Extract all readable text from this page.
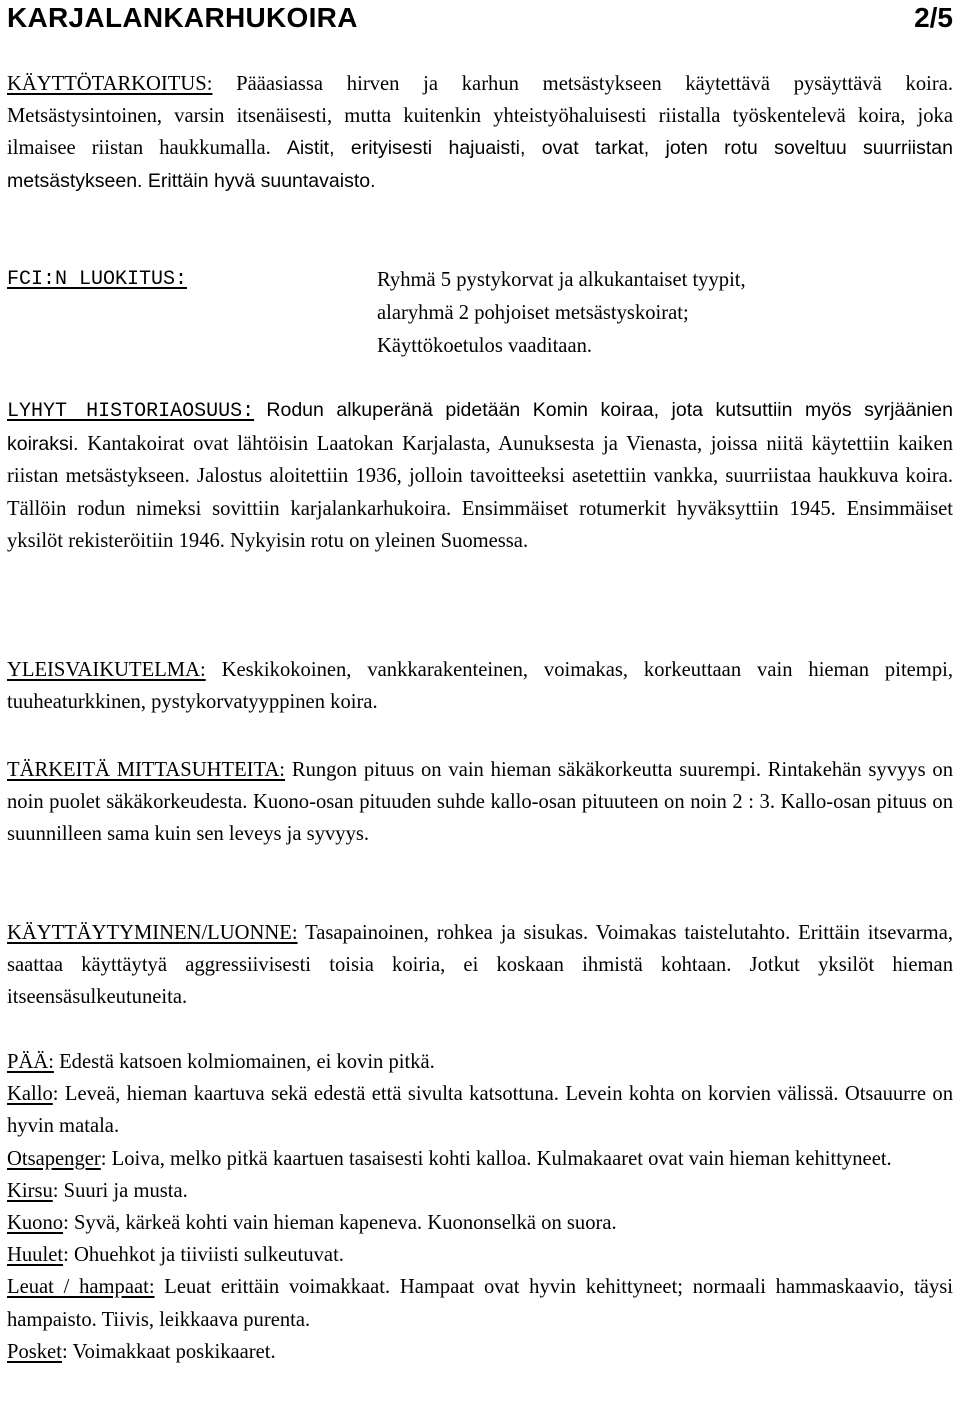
KARJALANKARHUKOIRA	2/5
KÄYTTÖTARKOITUS: Pääasiassa hirven ja karhun metsästykseen käytettävä pysäyttävä koira. Metsästysintoinen, varsin itsenäisesti, mutta kuitenkin yhteistyöhaluisesti riistalla työskentelevä koira, joka ilmaisee riistan haukkumalla. Aistit, erityisesti hajuaisti, ovat tarkat, joten rotu soveltuu suurriistan metsästykseen. Erittäin hyvä suuntavaisto.
FCI:N LUOKITUS:	Ryhmä 5 pystykorvat ja alkukantaiset tyypit,
alaryhmä 2 pohjoiset metsästyskoirat;
Käyttökoetulos vaaditaan.
LYHYT HISTORIAOSUUS: Rodun alkuperänä pidetään Komin koiraa, jota kutsuttiin myös syrjäänien koiraksi. Kantakoirat ovat lähtöisin Laatokan Karjalasta, Aunuksesta ja Vienasta, joissa niitä käytettiin kaiken riistan metsästykseen. Jalostus aloitettiin 1936, jolloin tavoitteeksi asetettiin vankka, suurriistaa haukkuva koira. Tällöin rodun nimeksi sovittiin karjalankarhukoira. Ensimmäiset rotumerkit hyväksyttiin 1945. Ensimmäiset yksilöt rekisteröitiin 1946. Nykyisin rotu on yleinen Suomessa.
YLEISVAIKUTELMA: Keskikokoinen, vankkarakenteinen, voimakas, korkeuttaan vain hieman pitempi, tuuheaturkkinen, pystykorvatyyppinen koira.
TÄRKEITÄ MITTASUHTEITA: Rungon pituus on vain hieman säkäkorkeutta suurempi. Rintakehän syvyys on noin puolet säkäkorkeudesta. Kuono-osan pituuden suhde kallo-osan pituuteen on noin 2 : 3. Kallo-osan pituus on suunnilleen sama kuin sen leveys ja syvyys.
KÄYTTÄYTYMINEN/LUONNE: Tasapainoinen, rohkea ja sisukas. Voimakas taistelutahto. Erittäin itsevarma, saattaa käyttäytyä aggressiivisesti toisia koiria, ei koskaan ihmistä kohtaan. Jotkut yksilöt hieman itseensäsulkeutuneita.
PÄÄ: Edestä katsoen kolmiomainen, ei kovin pitkä.
Kallo: Leveä, hieman kaartuva sekä edestä että sivulta katsottuna. Levein kohta on korvien välissä. Otsauurre on hyvin matala.
Otsapenger: Loiva, melko pitkä kaartuen tasaisesti kohti kalloa. Kulmakaaret ovat vain hieman kehittyneet.
Kirsu: Suuri ja musta.
Kuono: Syvä, kärkeä kohti vain hieman kapeneva. Kuononselkä on suora.
Huulet: Ohuehkot ja tiiviisti sulkeutuvat.
Leuat / hampaat: Leuat erittäin voimakkaat. Hampaat ovat hyvin kehittyneet; normaali hammaskaavio, täysi hampaisto. Tiivis, leikkaava purenta.
Posket: Voimakkaat poskikaaret.
